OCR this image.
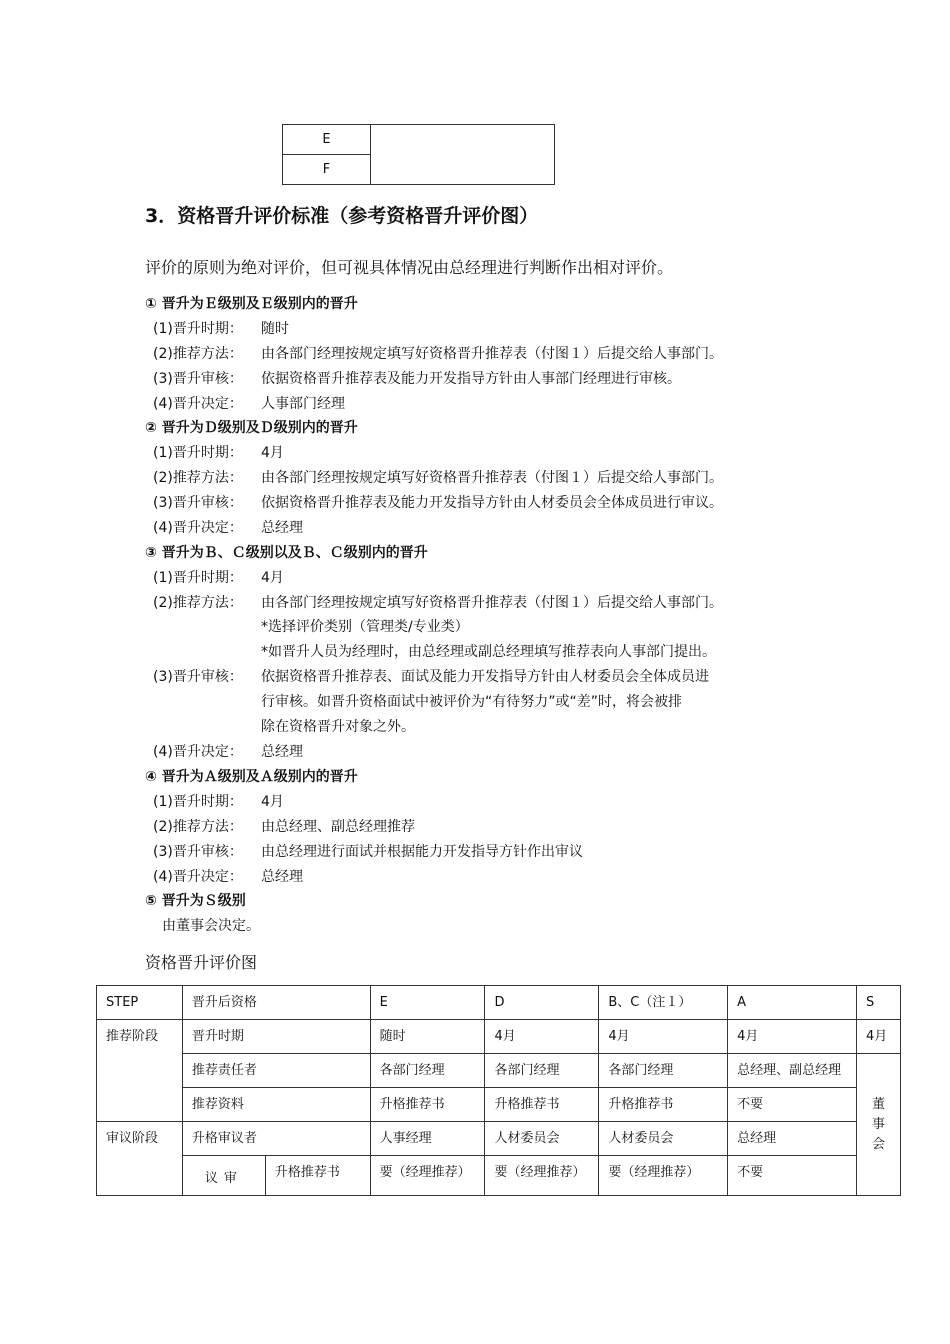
E	
F
3．资格晋升评价标准（参考资格晋升评价图）
评价的原则为绝对评价，但可视具体情况由总经理进行判断作出相对评价。
① 晋升为Ｅ级别及Ｅ级别内的晋升
(1)晋升时期： 随时
(2)推荐方法： 由各部门经理按规定填写好资格晋升推荐表（付图１）后提交给人事部门。
(3)晋升审核： 依据资格晋升推荐表及能力开发指导方针由人事部门经理进行审核。
(4)晋升决定： 人事部门经理
② 晋升为Ｄ级别及Ｄ级别内的晋升
(1)晋升时期： 4月
(2)推荐方法： 由各部门经理按规定填写好资格晋升推荐表（付图１）后提交给人事部门。
(3)晋升审核： 依据资格晋升推荐表及能力开发指导方针由人材委员会全体成员进行审议。
(4)晋升决定： 总经理
③ 晋升为Ｂ、Ｃ级别以及Ｂ、Ｃ级别内的晋升
(1)晋升时期： 4月
(2)推荐方法： 由各部门经理按规定填写好资格晋升推荐表（付图１）后提交给人事部门。
*选择评价类别（管理类/专业类）
*如晋升人员为经理时，由总经理或副总经理填写推荐表向人事部门提出。
(3)晋升审核： 依据资格晋升推荐表、面试及能力开发指导方针由人材委员会全体成员进
行审核。如晋升资格面试中被评价为“有待努力”或“差”时，将会被排
除在资格晋升对象之外。
(4)晋升决定： 总经理
④ 晋升为Ａ级别及Ａ级别内的晋升
(1)晋升时期： 4月
(2)推荐方法： 由总经理、副总经理推荐
(3)晋升审核： 由总经理进行面试并根据能力开发指导方针作出审议
(4)晋升决定： 总经理
⑤ 晋升为Ｓ级别
由董事会决定。
资格晋升评价图
STEP	晋升后资格		E	D	B、C（注１）	A	S
推荐阶段	晋升时期		随时	4月	4月	4月	4月
	推荐责任者		各部门经理	各部门经理	各部门经理	总经理、副总经理	董事会
	推荐资料		升格推荐书	升格推荐书	升格推荐书	不要	
审议阶段	升格审议者		人事经理	人材委员会	人材委员会	总经理	
	议审	升格推荐书	要（经理推荐）	要（经理推荐）	要（经理推荐）	不要	
